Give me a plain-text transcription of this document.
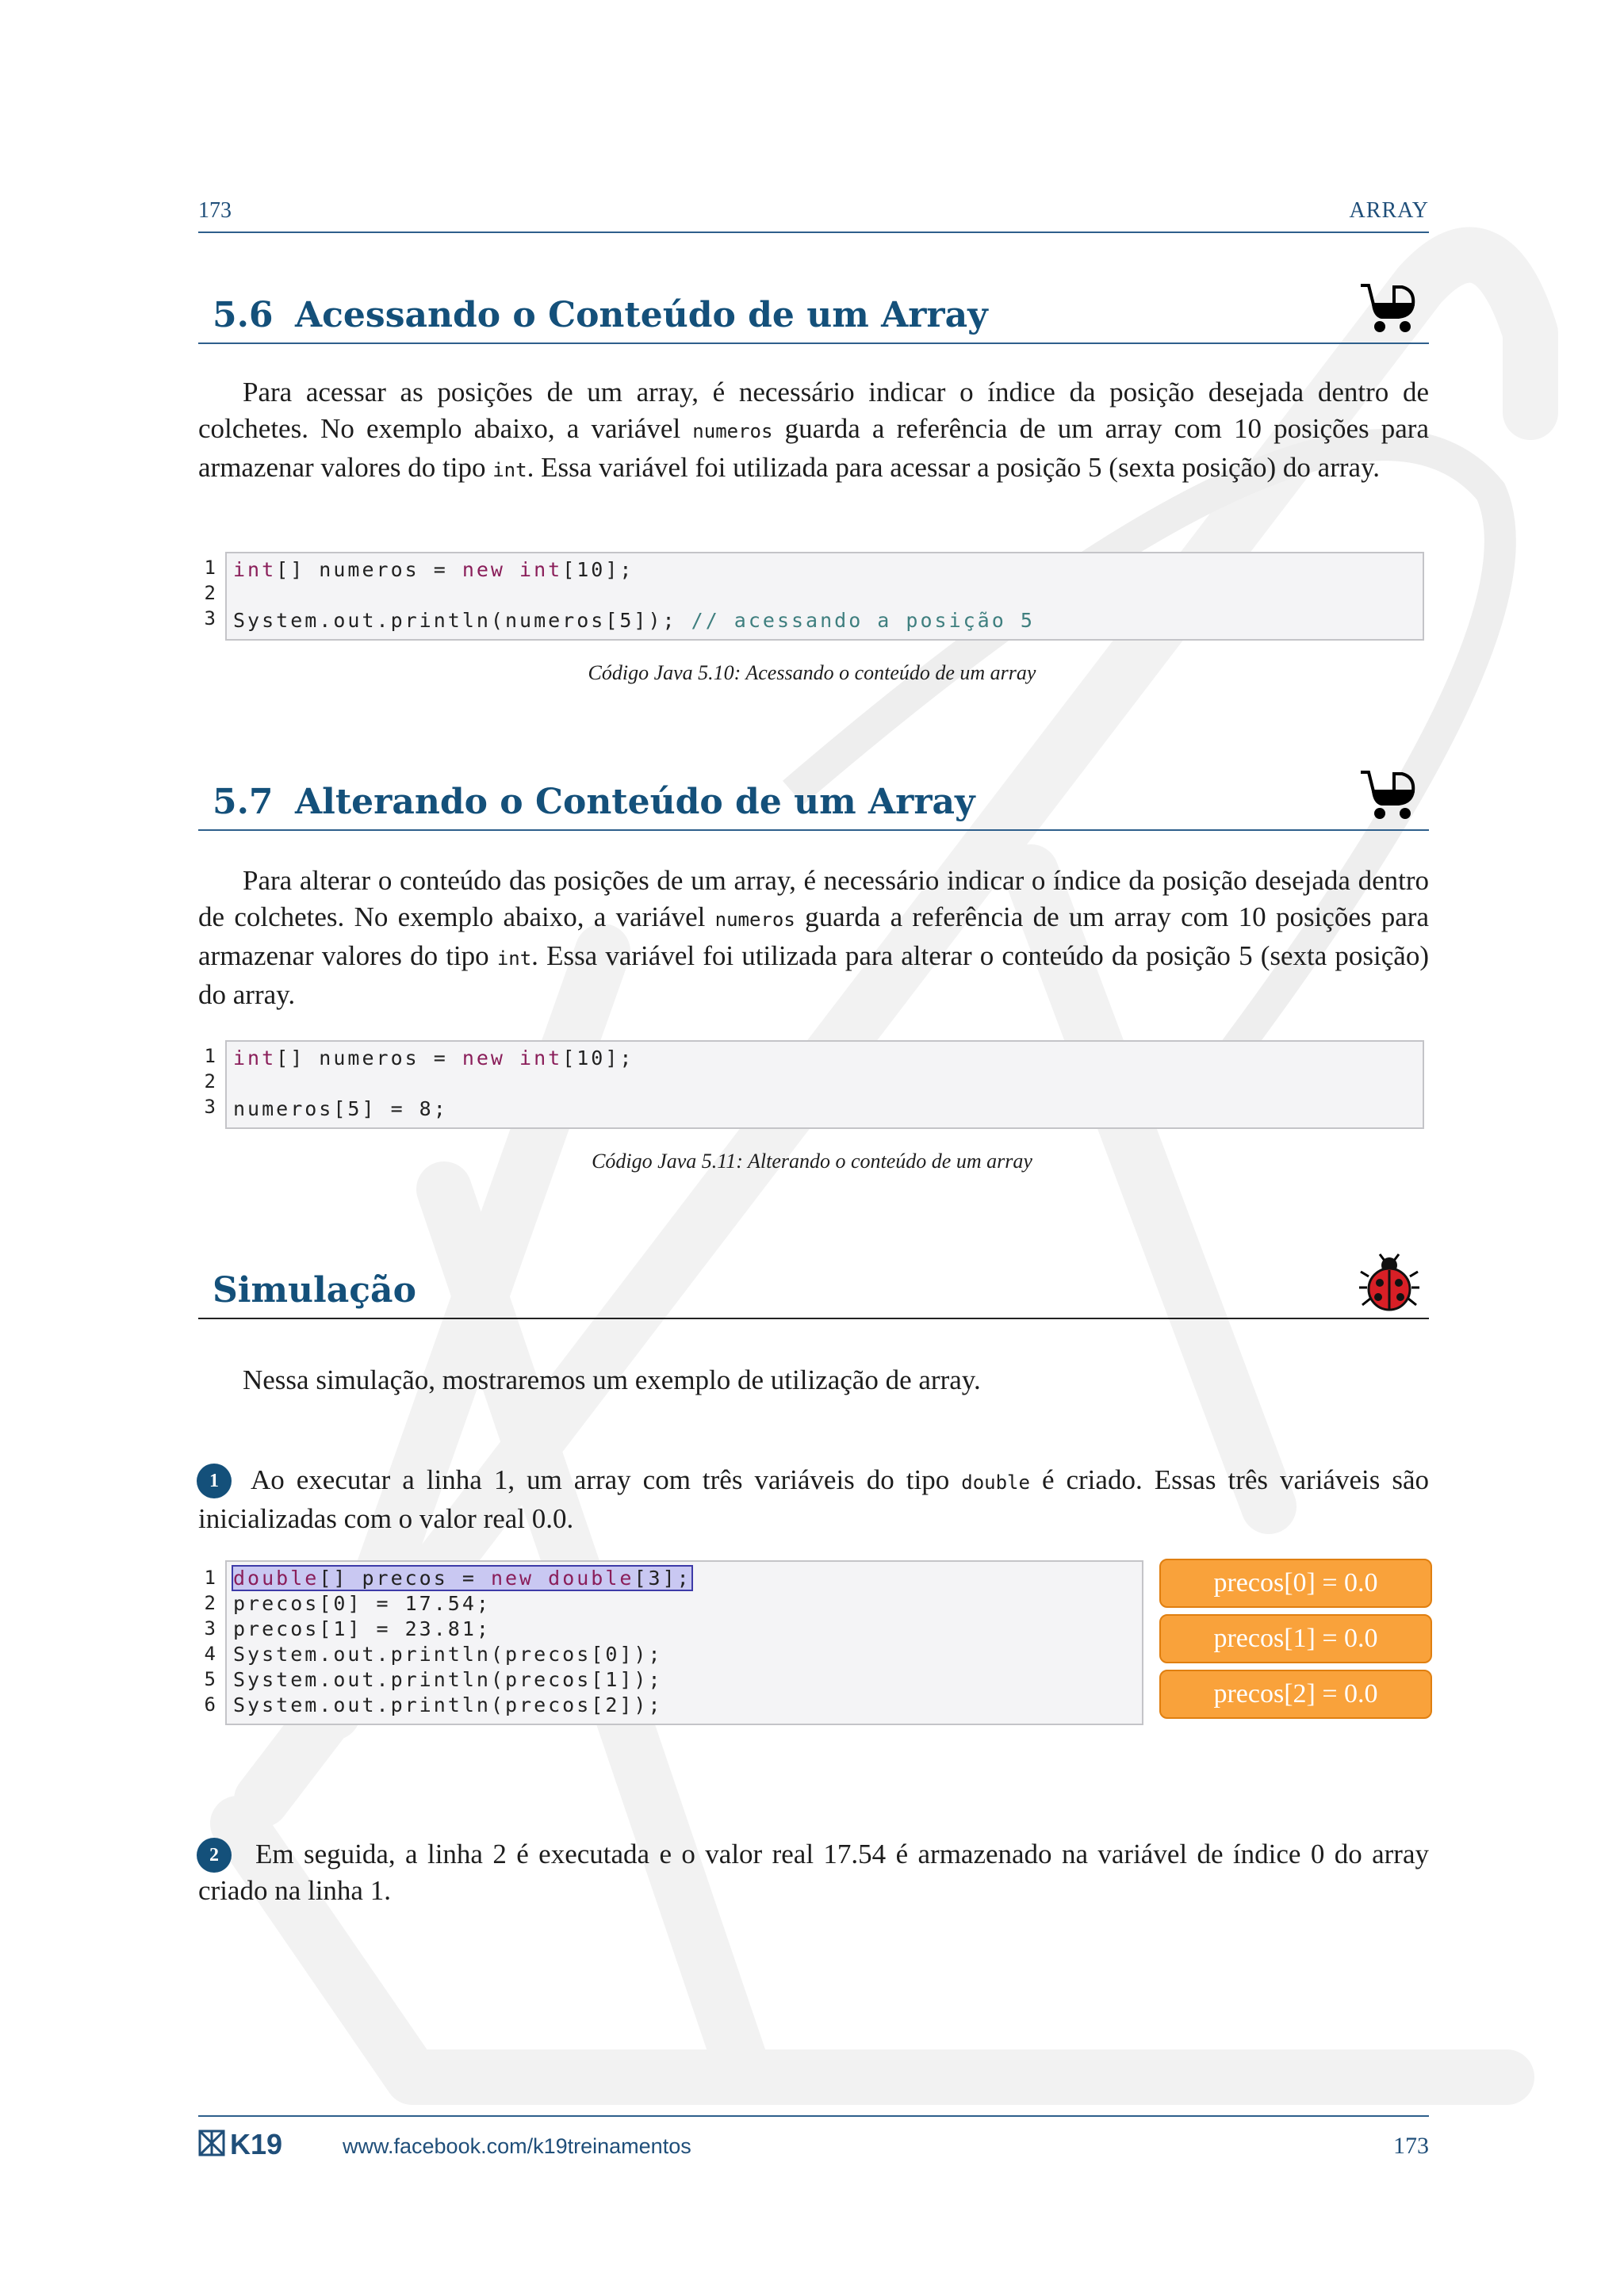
173	ARRAY
5.6 Acessando o Conteúdo de um Array

Para acessar as posições de um array, é necessário indicar o índice da posição desejada dentro de colchetes. No exemplo abaixo, a variável numeros guarda a referência de um array com 10 posições para armazenar valores do tipo int. Essa variável foi utilizada para acessar a posição 5 (sexta posição) do array.

1
2
3
int[] numeros = new int[10];
System.out.println(numeros[5]); // acessando a posição 5
Código Java 5.10: Acessando o conteúdo de um array
5.7 Alterando o Conteúdo de um Array

Para alterar o conteúdo das posições de um array, é necessário indicar o índice da posição desejada dentro de colchetes. No exemplo abaixo, a variável numeros guarda a referência de um array com 10 posições para armazenar valores do tipo int. Essa variável foi utilizada para alterar o conteúdo da posição 5 (sexta posição) do array.

1
2
3
int[] numeros = new int[10];
numeros[5] = 8;
Código Java 5.11: Alterando o conteúdo de um array
Simulação

Nessa simulação, mostraremos um exemplo de utilização de array.

1	Ao executar a linha 1, um array com três variáveis do tipo double é criado. Essas três variáveis são inicializadas com o valor real 0.0.

1
2
3
4
5
6
double[] precos = new double[3];
precos[0] = 17.54;
precos[1] = 23.81;
System.out.println(precos[0]);
System.out.println(precos[1]);
System.out.println(precos[2]);
precos[0] = 0.0
precos[1] = 0.0
precos[2] = 0.0
2	Em seguida, a linha 2 é executada e o valor real 17.54 é armazenado na variável de índice 0 do array criado na linha 1.

K19	www.facebook.com/k19treinamentos	173
